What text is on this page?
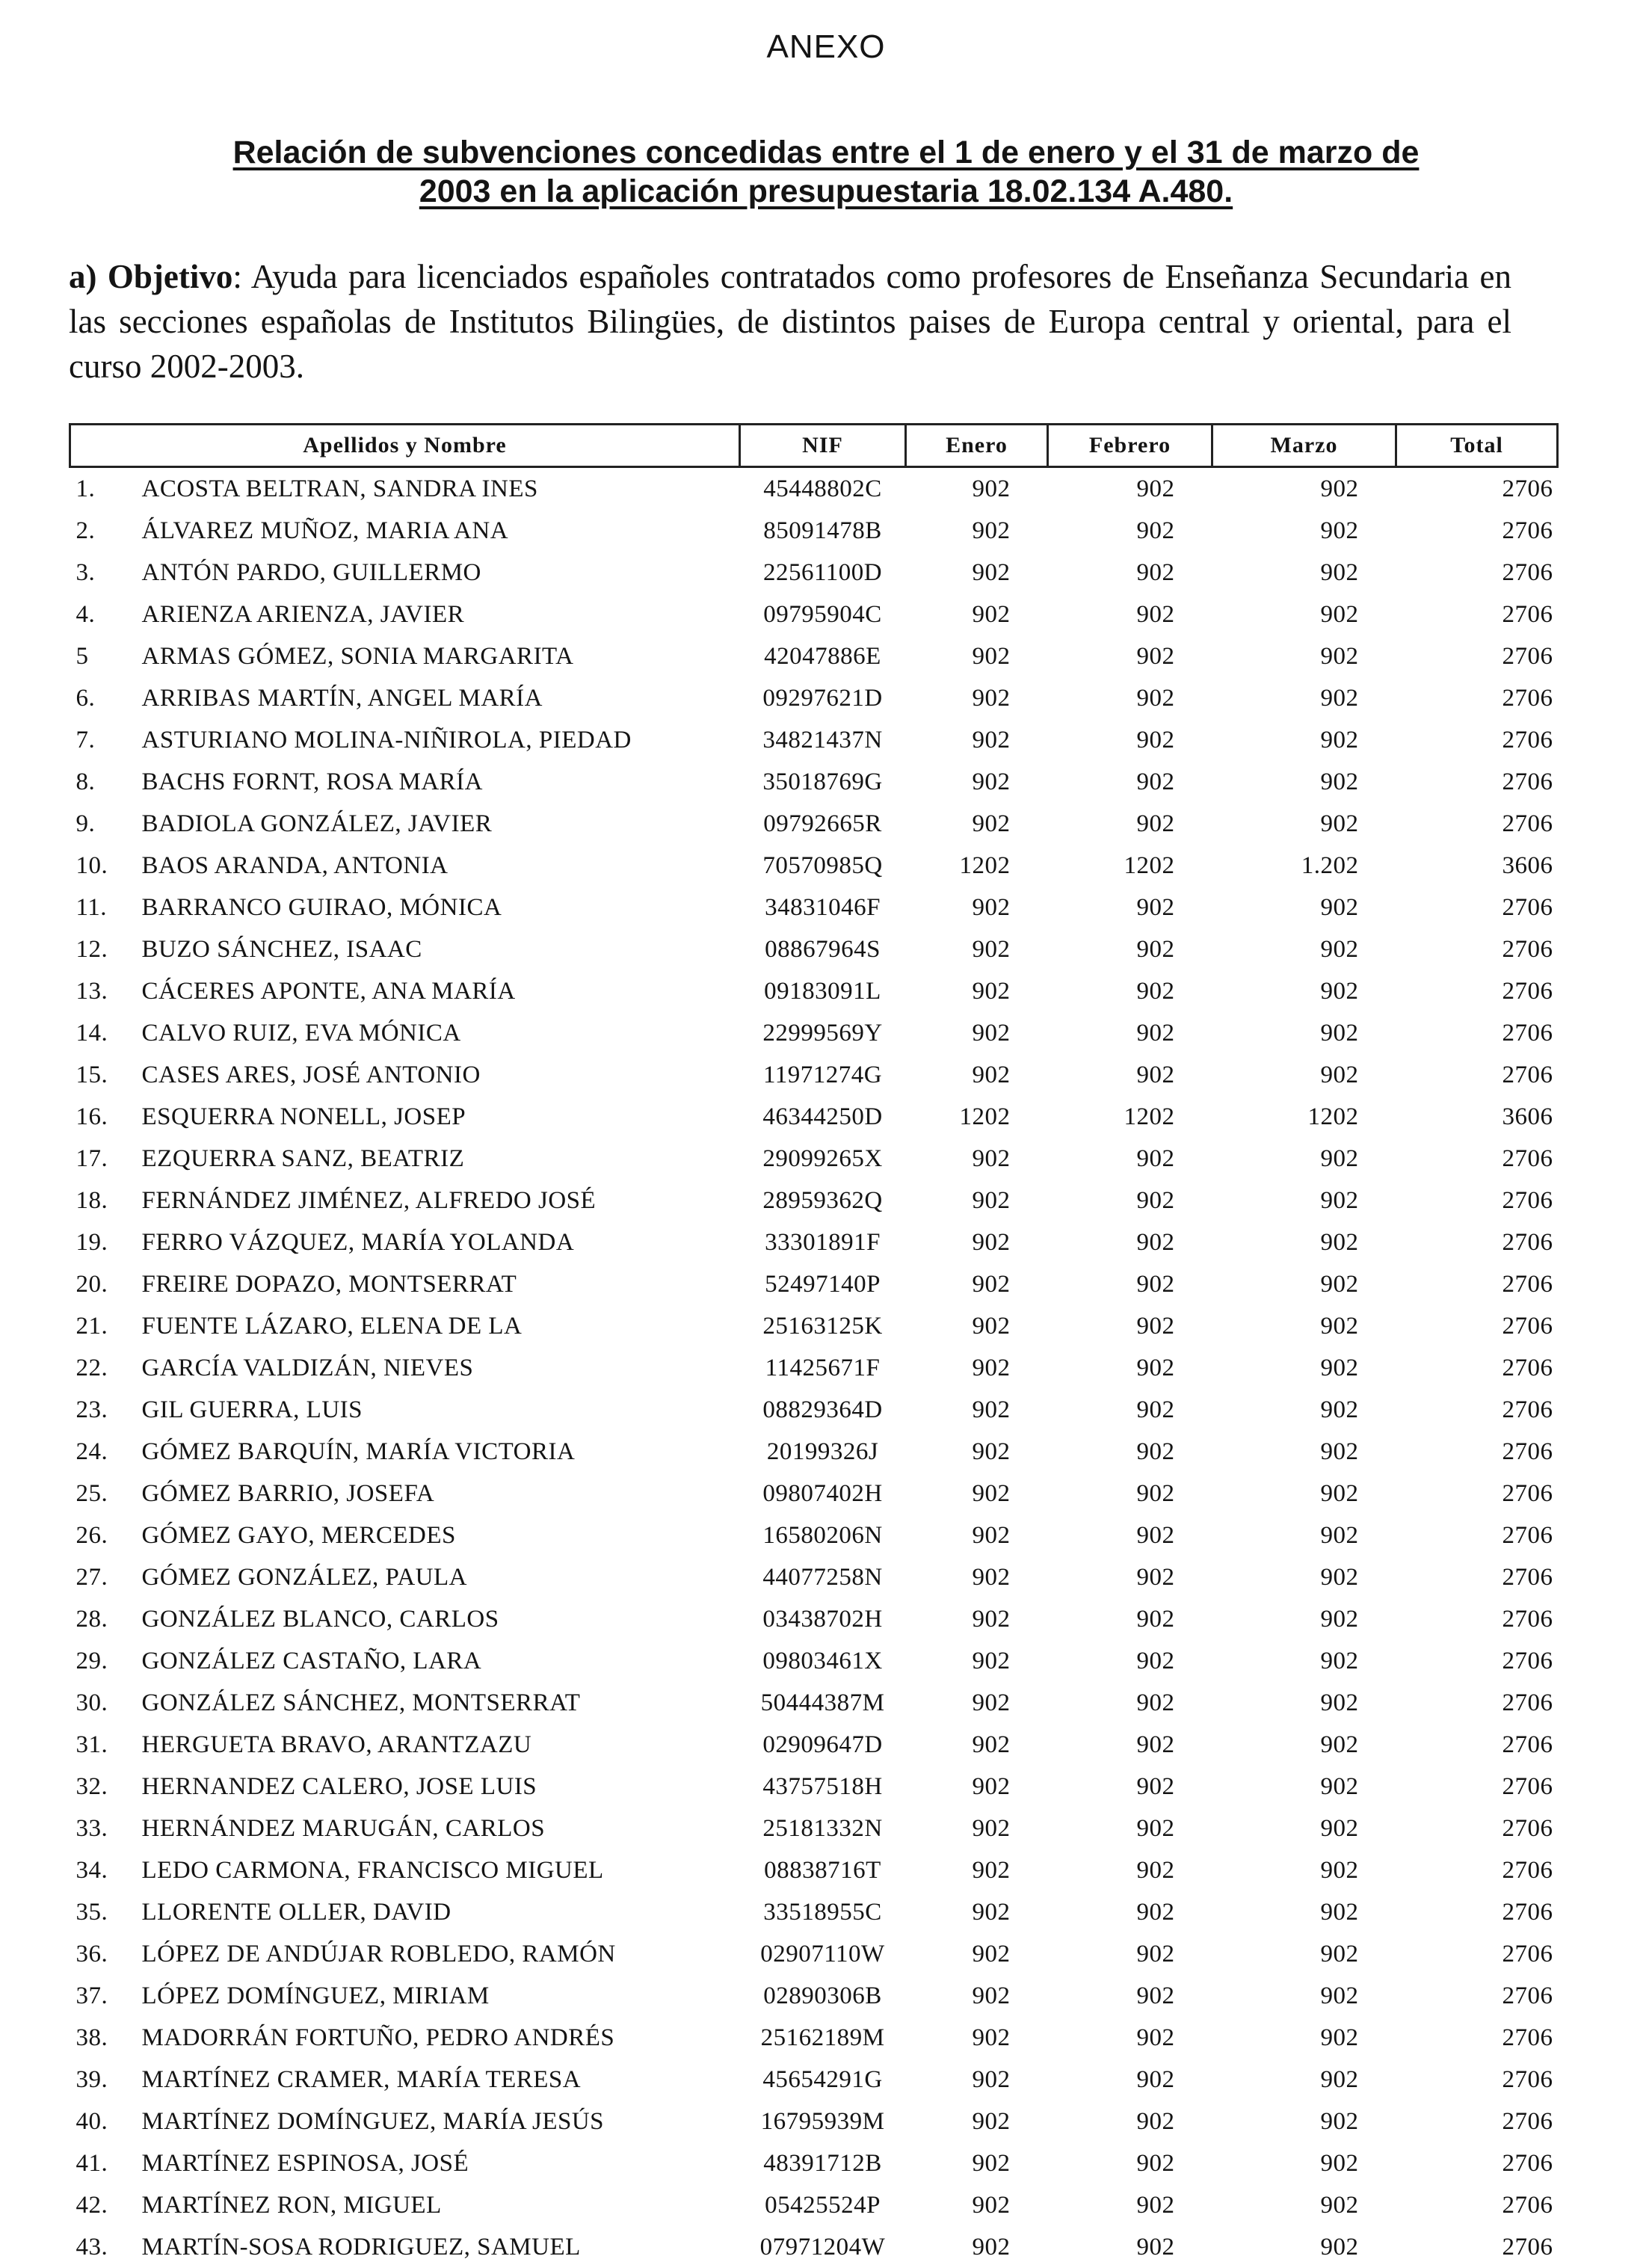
ANEXO
Relación de subvenciones concedidas entre el 1 de enero y el 31 de marzo de
2003 en la aplicación presupuestaria 18.02.134 A.480.
a) Objetivo: Ayuda para licenciados españoles contratados como profesores de Enseñanza Secundaria en las secciones españolas de Institutos Bilingües, de distintos paises de Europa central y oriental, para el curso 2002-2003.
Apellidos y Nombre	NIF	Enero	Febrero	Marzo	Total
1. ACOSTA BELTRAN, SANDRA INES	45448802C	902	902	902	2706
2. ÁLVAREZ MUÑOZ, MARIA ANA	85091478B	902	902	902	2706
3. ANTÓN PARDO, GUILLERMO	22561100D	902	902	902	2706
4. ARIENZA ARIENZA, JAVIER	09795904C	902	902	902	2706
5 ARMAS GÓMEZ, SONIA MARGARITA	42047886E	902	902	902	2706
6. ARRIBAS MARTÍN, ANGEL MARÍA	09297621D	902	902	902	2706
7. ASTURIANO MOLINA-NIÑIROLA, PIEDAD	34821437N	902	902	902	2706
8. BACHS FORNT, ROSA MARÍA	35018769G	902	902	902	2706
9. BADIOLA GONZÁLEZ, JAVIER	09792665R	902	902	902	2706
10. BAOS ARANDA, ANTONIA	70570985Q	1202	1202	1.202	3606
11. BARRANCO GUIRAO, MÓNICA	34831046F	902	902	902	2706
12. BUZO SÁNCHEZ, ISAAC	08867964S	902	902	902	2706
13. CÁCERES APONTE, ANA MARÍA	09183091L	902	902	902	2706
14. CALVO RUIZ, EVA MÓNICA	22999569Y	902	902	902	2706
15. CASES ARES, JOSÉ ANTONIO	11971274G	902	902	902	2706
16. ESQUERRA NONELL, JOSEP	46344250D	1202	1202	1202	3606
17. EZQUERRA SANZ, BEATRIZ	29099265X	902	902	902	2706
18. FERNÁNDEZ JIMÉNEZ, ALFREDO JOSÉ	28959362Q	902	902	902	2706
19. FERRO VÁZQUEZ, MARÍA YOLANDA	33301891F	902	902	902	2706
20. FREIRE DOPAZO, MONTSERRAT	52497140P	902	902	902	2706
21. FUENTE LÁZARO, ELENA DE LA	25163125K	902	902	902	2706
22. GARCÍA VALDIZÁN, NIEVES	11425671F	902	902	902	2706
23. GIL GUERRA, LUIS	08829364D	902	902	902	2706
24. GÓMEZ BARQUÍN, MARÍA VICTORIA	20199326J	902	902	902	2706
25. GÓMEZ BARRIO, JOSEFA	09807402H	902	902	902	2706
26. GÓMEZ GAYO, MERCEDES	16580206N	902	902	902	2706
27. GÓMEZ GONZÁLEZ, PAULA	44077258N	902	902	902	2706
28. GONZÁLEZ BLANCO, CARLOS	03438702H	902	902	902	2706
29. GONZÁLEZ CASTAÑO, LARA	09803461X	902	902	902	2706
30. GONZÁLEZ SÁNCHEZ, MONTSERRAT	50444387M	902	902	902	2706
31. HERGUETA BRAVO, ARANTZAZU	02909647D	902	902	902	2706
32. HERNANDEZ CALERO, JOSE LUIS	43757518H	902	902	902	2706
33. HERNÁNDEZ MARUGÁN, CARLOS	25181332N	902	902	902	2706
34. LEDO CARMONA, FRANCISCO MIGUEL	08838716T	902	902	902	2706
35. LLORENTE OLLER, DAVID	33518955C	902	902	902	2706
36. LÓPEZ DE ANDÚJAR ROBLEDO, RAMÓN	02907110W	902	902	902	2706
37. LÓPEZ DOMÍNGUEZ, MIRIAM	02890306B	902	902	902	2706
38. MADORRÁN FORTUÑO, PEDRO ANDRÉS	25162189M	902	902	902	2706
39. MARTÍNEZ CRAMER, MARÍA TERESA	45654291G	902	902	902	2706
40. MARTÍNEZ DOMÍNGUEZ, MARÍA JESÚS	16795939M	902	902	902	2706
41. MARTÍNEZ ESPINOSA, JOSÉ	48391712B	902	902	902	2706
42. MARTÍNEZ RON, MIGUEL	05425524P	902	902	902	2706
43. MARTÍN-SOSA RODRIGUEZ, SAMUEL	07971204W	902	902	902	2706
